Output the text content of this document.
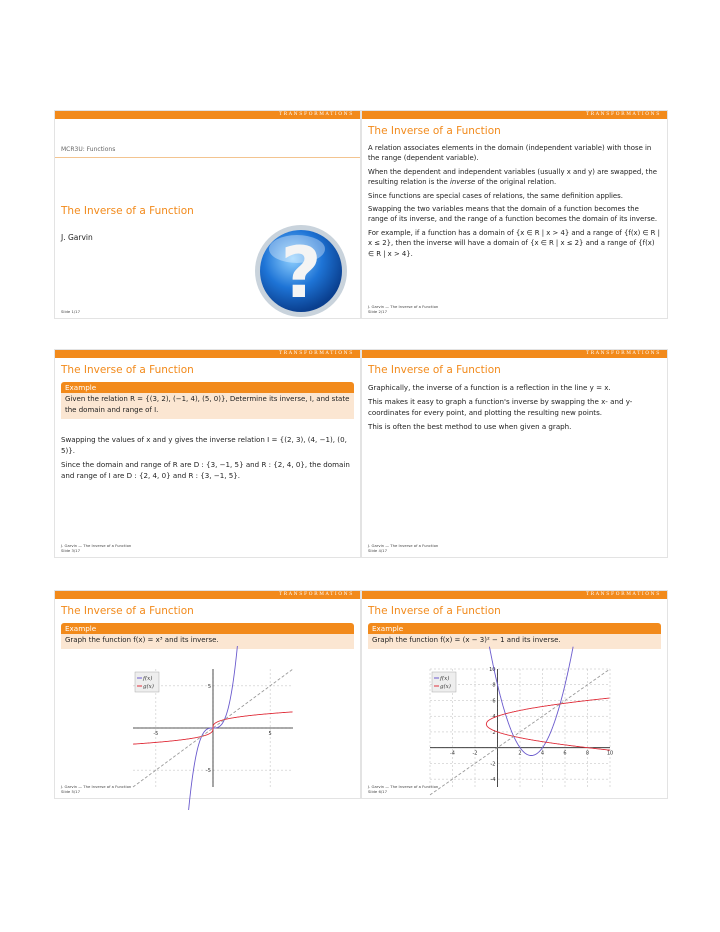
TRANSFORMATIONS
MCR3U: Functions
The Inverse of a Function
J. Garvin	?
Slide 1/17
TRANSFORMATIONS
The Inverse of a Function

A relation associates elements in the domain (independent variable) with those in the range (dependent variable).

When the dependent and independent variables (usually x and y) are swapped, the resulting relation is the inverse of the original relation.

Since functions are special cases of relations, the same definition applies.

Swapping the two variables means that the domain of a function becomes the range of its inverse, and the range of a function becomes the domain of its inverse.

For example, if a function has a domain of {x ∈ R | x > 4} and a range of {f(x) ∈ R | x ≤ 2}, then the inverse will have a domain of {x ∈ R | x ≤ 2} and a range of {f(x) ∈ R | x > 4}.

J. Garvin — The Inverse of a Function
Slide 2/17
TRANSFORMATIONS
The Inverse of a Function
Example
Given the relation R = {(3, 2), (−1, 4), (5, 0)}, Determine its inverse, I, and state the domain and range of I.

Swapping the values of x and y gives the inverse relation I = {(2, 3), (4, −1), (0, 5)}.

Since the domain and range of R are D : {3, −1, 5} and R : {2, 4, 0}, the domain and range of I are D : {2, 4, 0} and R : {3, −1, 5}.

J. Garvin — The Inverse of a Function
Slide 3/17
TRANSFORMATIONS
The Inverse of a Function

Graphically, the inverse of a function is a reflection in the line y = x.

This makes it easy to graph a function's inverse by swapping the x- and y-coordinates for every point, and plotting the resulting new points.

This is often the best method to use when given a graph.

J. Garvin — The Inverse of a Function
Slide 4/17
TRANSFORMATIONS
The Inverse of a Function
Example
Graph the function f(x) = x³ and its inverse.
-5	5
5
-5
f(x)
g(x)
J. Garvin — The Inverse of a Function
Slide 5/17
TRANSFORMATIONS
The Inverse of a Function
Example
Graph the function f(x) = (x − 3)² − 1 and its inverse.
-4	-2	2	4	6	8	10
10
8
6
4
2
-2
-4
f(x)
g(x)
J. Garvin — The Inverse of a Function
Slide 6/17
